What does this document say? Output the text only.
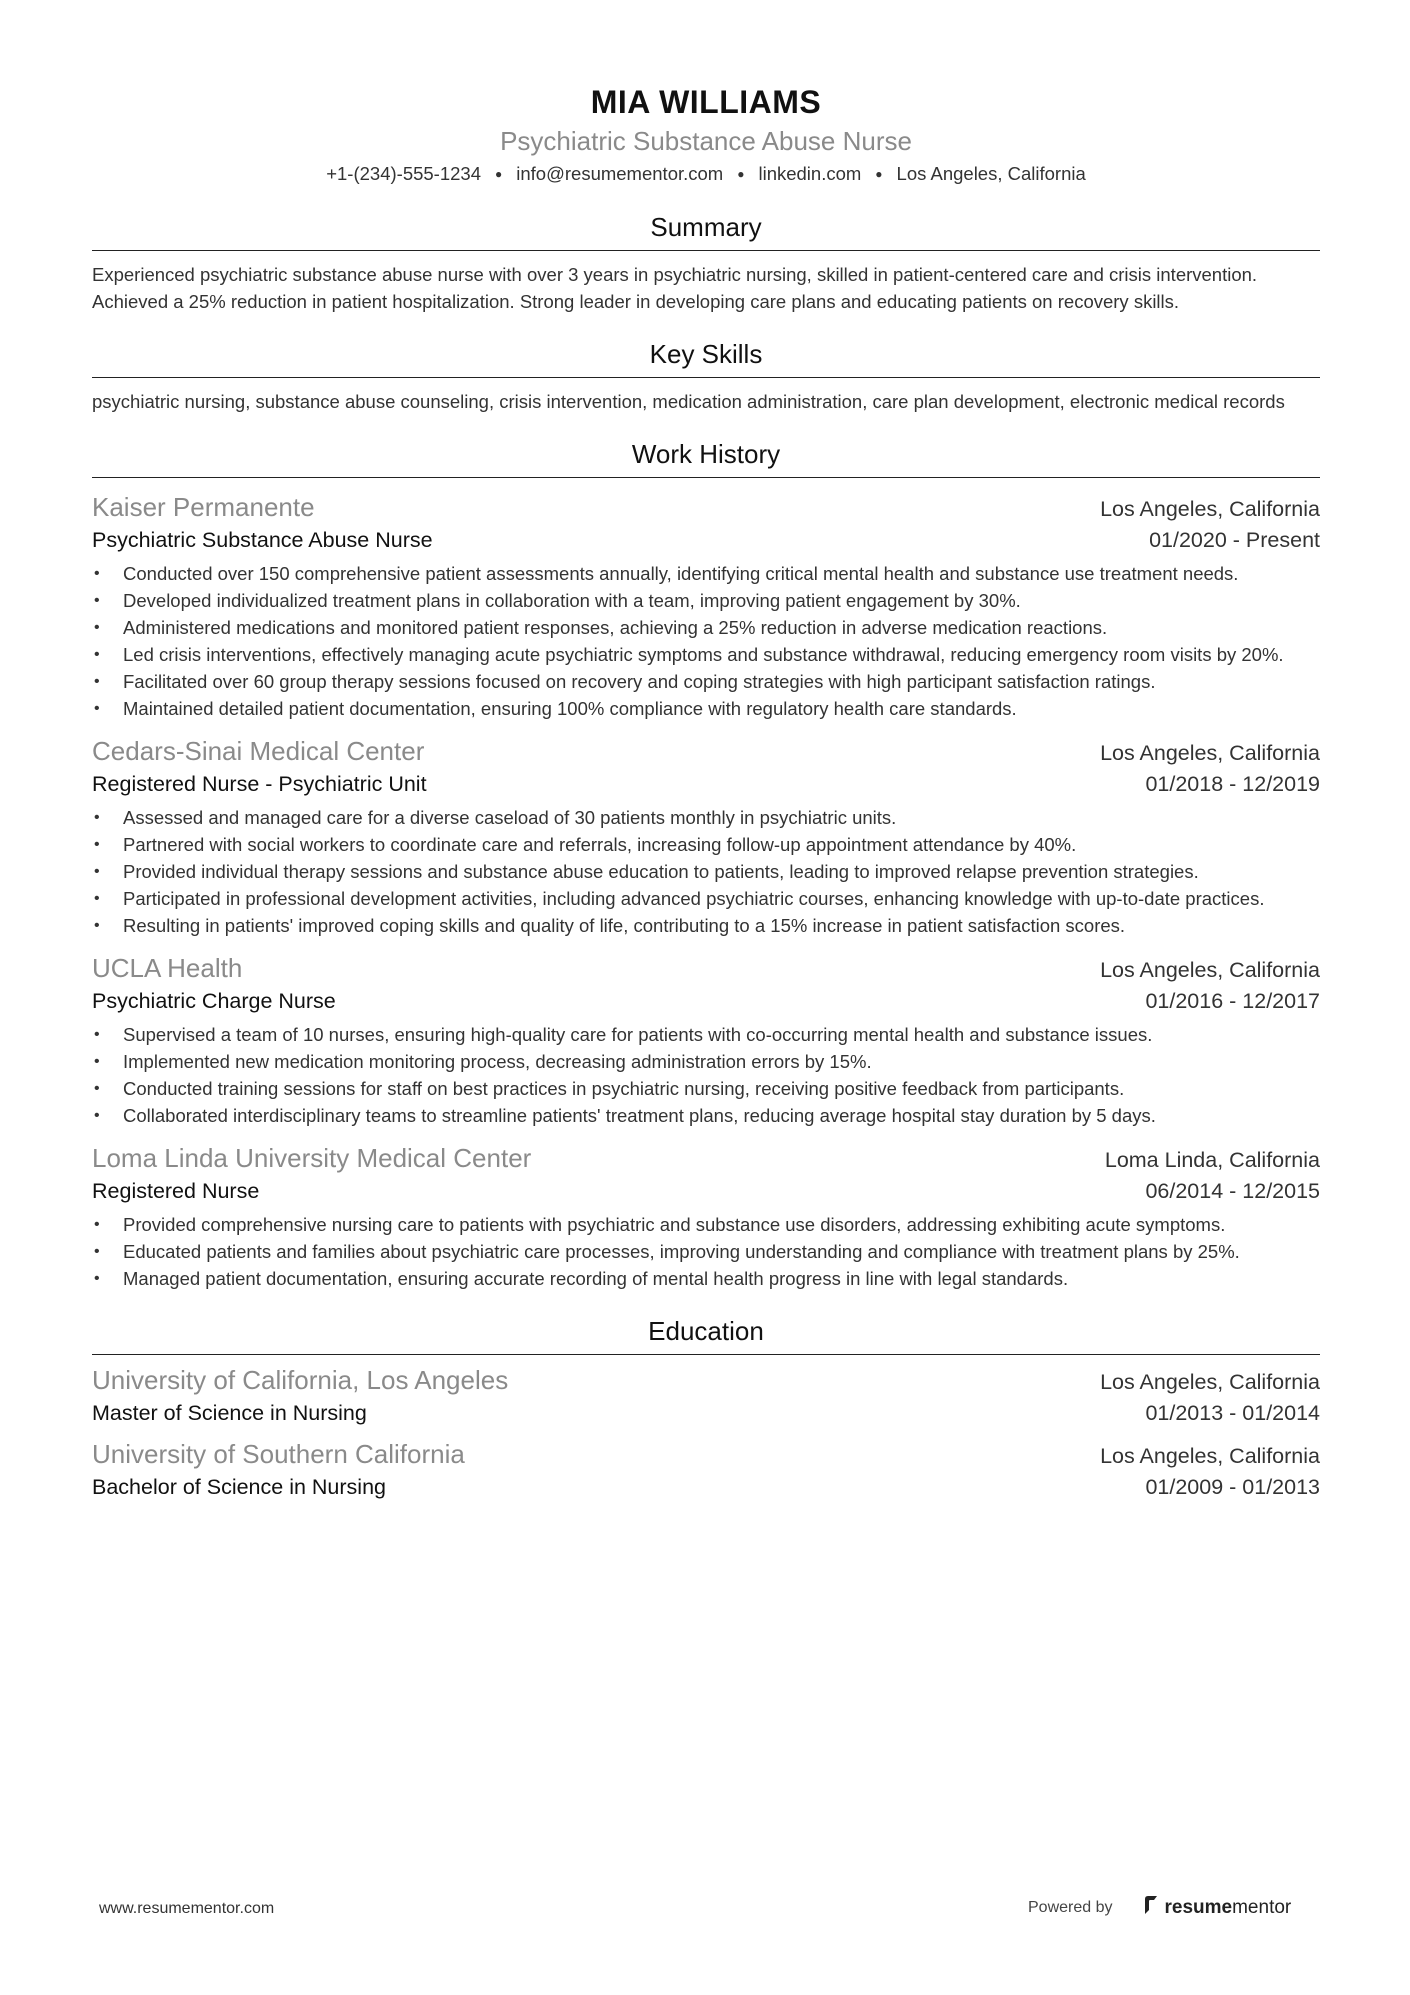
MIA WILLIAMS
Psychiatric Substance Abuse Nurse
+1-(234)-555-1234 ● info@resumementor.com ● linkedin.com ● Los Angeles, California
Summary
Experienced psychiatric substance abuse nurse with over 3 years in psychiatric nursing, skilled in patient-centered care and crisis intervention. Achieved a 25% reduction in patient hospitalization. Strong leader in developing care plans and educating patients on recovery skills.
Key Skills
psychiatric nursing, substance abuse counseling, crisis intervention, medication administration, care plan development, electronic medical records
Work History
Kaiser Permanente	Los Angeles, California
Psychiatric Substance Abuse Nurse	01/2020 - Present
• Conducted over 150 comprehensive patient assessments annually, identifying critical mental health and substance use treatment needs.
• Developed individualized treatment plans in collaboration with a team, improving patient engagement by 30%.
• Administered medications and monitored patient responses, achieving a 25% reduction in adverse medication reactions.
• Led crisis interventions, effectively managing acute psychiatric symptoms and substance withdrawal, reducing emergency room visits by 20%.
• Facilitated over 60 group therapy sessions focused on recovery and coping strategies with high participant satisfaction ratings.
• Maintained detailed patient documentation, ensuring 100% compliance with regulatory health care standards.
Cedars-Sinai Medical Center	Los Angeles, California
Registered Nurse - Psychiatric Unit	01/2018 - 12/2019
• Assessed and managed care for a diverse caseload of 30 patients monthly in psychiatric units.
• Partnered with social workers to coordinate care and referrals, increasing follow-up appointment attendance by 40%.
• Provided individual therapy sessions and substance abuse education to patients, leading to improved relapse prevention strategies.
• Participated in professional development activities, including advanced psychiatric courses, enhancing knowledge with up-to-date practices.
• Resulting in patients' improved coping skills and quality of life, contributing to a 15% increase in patient satisfaction scores.
UCLA Health	Los Angeles, California
Psychiatric Charge Nurse	01/2016 - 12/2017
• Supervised a team of 10 nurses, ensuring high-quality care for patients with co-occurring mental health and substance issues.
• Implemented new medication monitoring process, decreasing administration errors by 15%.
• Conducted training sessions for staff on best practices in psychiatric nursing, receiving positive feedback from participants.
• Collaborated interdisciplinary teams to streamline patients' treatment plans, reducing average hospital stay duration by 5 days.
Loma Linda University Medical Center	Loma Linda, California
Registered Nurse	06/2014 - 12/2015
• Provided comprehensive nursing care to patients with psychiatric and substance use disorders, addressing exhibiting acute symptoms.
• Educated patients and families about psychiatric care processes, improving understanding and compliance with treatment plans by 25%.
• Managed patient documentation, ensuring accurate recording of mental health progress in line with legal standards.
Education
University of California, Los Angeles	Los Angeles, California
Master of Science in Nursing	01/2013 - 01/2014
University of Southern California	Los Angeles, California
Bachelor of Science in Nursing	01/2009 - 01/2013
www.resumementor.com	Powered by	resumementor
